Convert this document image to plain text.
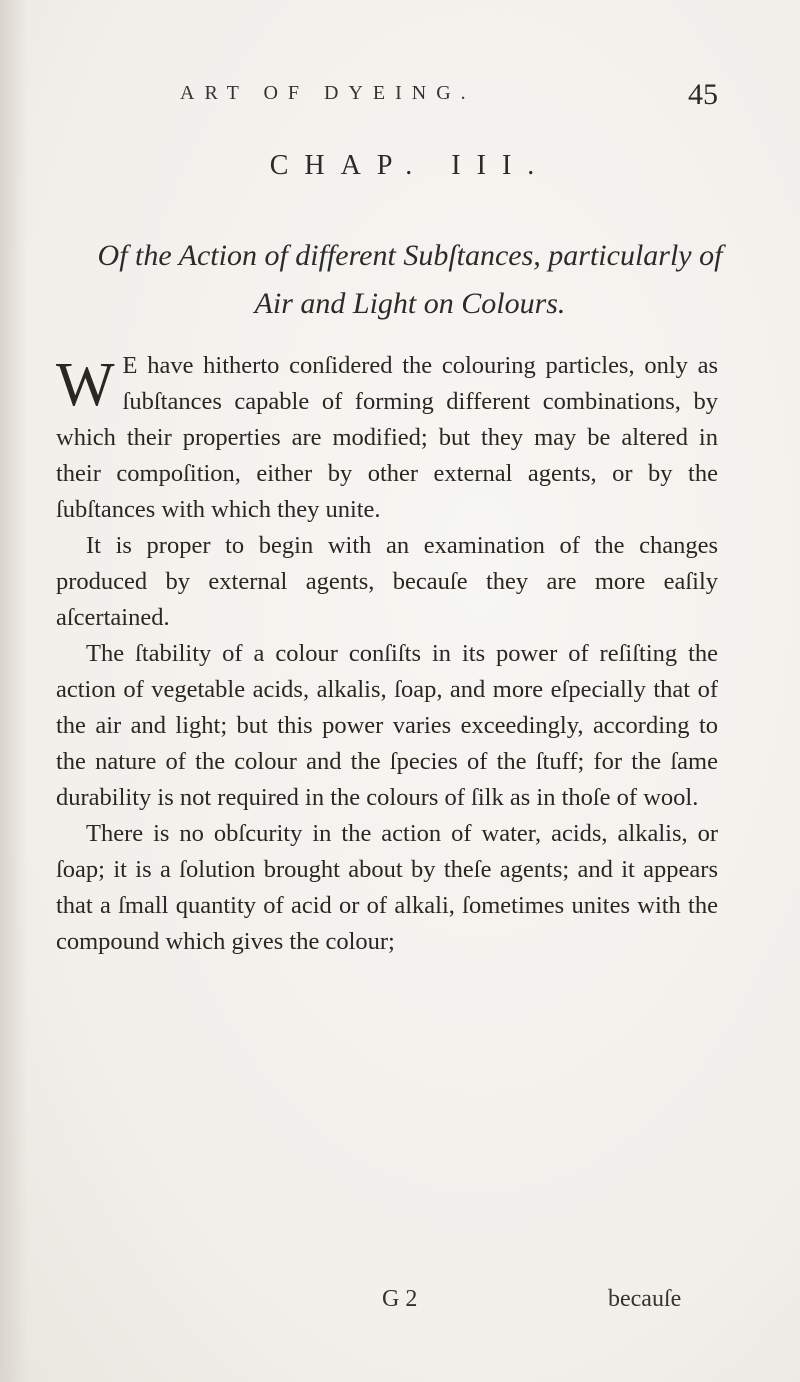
ART OF DYEING.	45
CHAP. III.
Of the Action of different Subſtances, particularly of Air and Light on Colours.

W E have hitherto conſidered the colouring particles, only as ſubſtances capable of forming different combinations, by which their properties are modified; but they may be altered in their compoſition, either by other external agents, or by the ſubſtances with which they unite.

It is proper to begin with an examination of the changes produced by external agents, becauſe they are more eaſily aſcertained.

The ſtability of a colour conſiſts in its power of reſiſting the action of vegetable acids, alkalis, ſoap, and more eſpecially that of the air and light; but this power varies exceedingly, according to the nature of the colour and the ſpecies of the ſtuff; for the ſame durability is not required in the colours of ſilk as in thoſe of wool.

There is no obſcurity in the action of water, acids, alkalis, or ſoap; it is a ſolution brought about by theſe agents; and it appears that a ſmall quantity of acid or of alkali, ſometimes unites with the compound which gives the colour;

G 2	becauſe
